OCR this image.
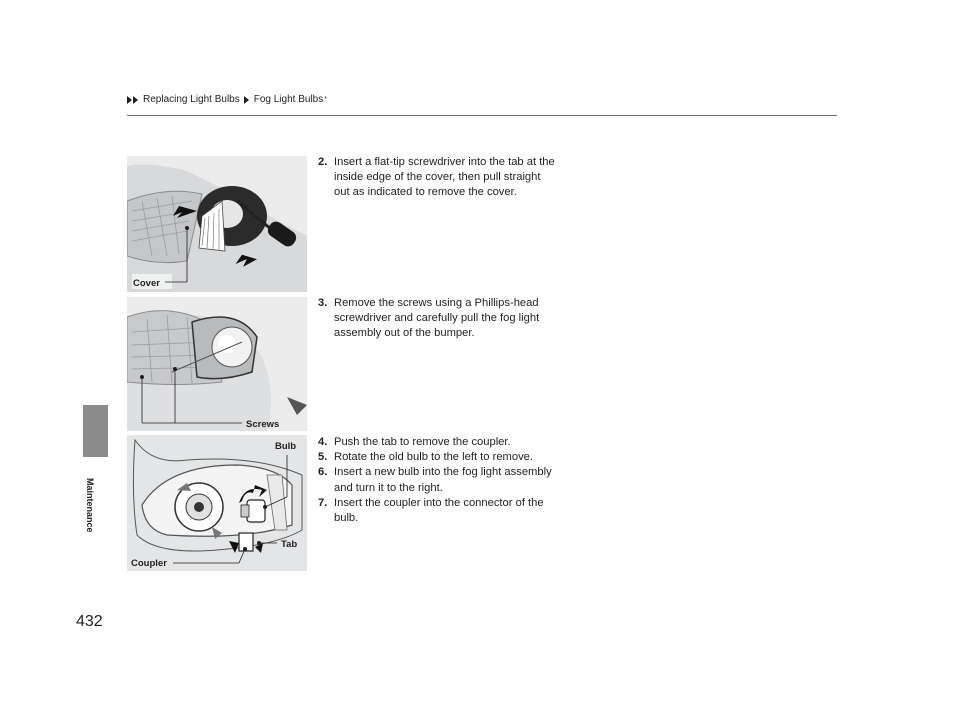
Replacing Light Bulbs Fog Light Bulbs *
Maintenance
432
Cover
Screws
Bulb
Tab
Coupler
2. Insert a flat-tip screwdriver into the tab at the inside edge of the cover, then pull straight out as indicated to remove the cover.
3. Remove the screws using a Phillips-head screwdriver and carefully pull the fog light assembly out of the bumper.
4. Push the tab to remove the coupler.
5. Rotate the old bulb to the left to remove.
6. Insert a new bulb into the fog light assembly and turn it to the right.
7. Insert the coupler into the connector of the bulb.
